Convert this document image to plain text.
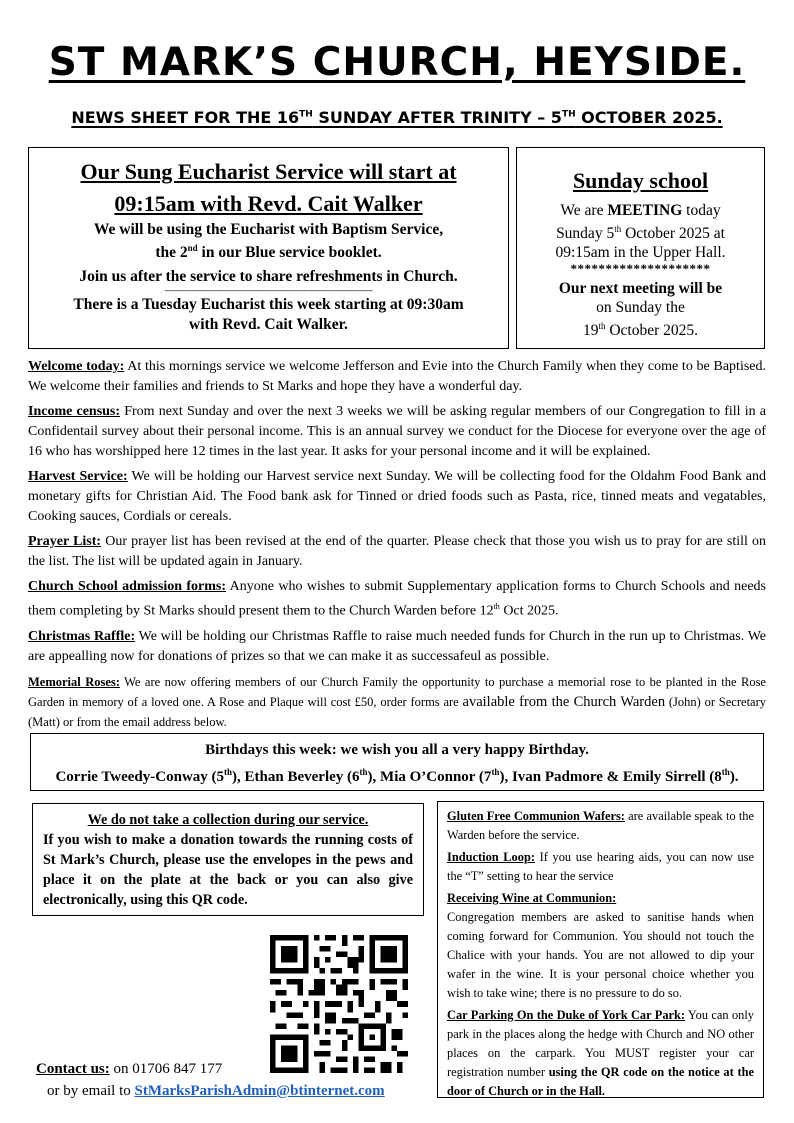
ST MARK’S CHURCH, HEYSIDE.
NEWS SHEET FOR THE 16TH SUNDAY AFTER TRINITY – 5TH OCTOBER 2025.
Our Sung Eucharist Service will start at
09:15am with Revd. Cait Walker
We will be using the Eucharist with Baptism Service,
the 2nd in our Blue service booklet.
Join us after the service to share refreshments in Church.
------------------------------------------------------------------------------------------------
There is a Tuesday Eucharist this week starting at 09:30am
with Revd. Cait Walker.
Sunday school
We are MEETING today
Sunday 5th October 2025 at
09:15am in the Upper Hall.
********************
Our next meeting will be
on Sunday the
19th October 2025.

Welcome today: At this mornings service we welcome Jefferson and Evie into the Church Family when they come to be Baptised. We welcome their families and friends to St Marks and hope they have a wonderful day.

Income census: From next Sunday and over the next 3 weeks we will be asking regular members of our Congregation to fill in a Confidentail survey about their personal income. This is an annual survey we conduct for the Diocese for everyone over the age of 16 who has worshipped here 12 times in the last year. It asks for your personal income and it will be explained.

Harvest Service: We will be holding our Harvest service next Sunday. We will be collecting food for the Oldahm Food Bank and monetary gifts for Christian Aid. The Food bank ask for Tinned or dried foods such as Pasta, rice, tinned meats and vegatables, Cooking sauces, Cordials or cereals.

Prayer List: Our prayer list has been revised at the end of the quarter. Please check that those you wish us to pray for are still on the list. The list will be updated again in January.

Church School admission forms: Anyone who wishes to submit Supplementary application forms to Church Schools and needs them completing by St Marks should present them to the Church Warden before 12th Oct 2025.

Christmas Raffle: We will be holding our Christmas Raffle to raise much needed funds for Church in the run up to Christmas. We are appealling now for donations of prizes so that we can make it as successafeul as possible.

Memorial Roses: We are now offering members of our Church Family the opportunity to purchase a memorial rose to be planted in the Rose Garden in memory of a loved one. A Rose and Plaque will cost £50, order forms are available from the Church Warden (John) or Secretary (Matt) or from the email address below.

Birthdays this week: we wish you all a very happy Birthday.
Corrie Tweedy-Conway (5th), Ethan Beverley (6th), Mia O’Connor (7th), Ivan Padmore & Emily Sirrell (8th).
We do not take a collection during our service.
If you wish to make a donation towards the running costs of St Mark’s Church, please use the envelopes in the pews and place it on the plate at the back or you can also give electronically, using this QR code.
Contact us: on 01706 847 177
or by email to StMarksParishAdmin@btinternet.com

Gluten Free Communion Wafers: are available speak to the Warden before the service.

Induction Loop: If you use hearing aids, you can now use the “T” setting to hear the service

Receiving Wine at Communion:

Congregation members are asked to sanitise hands when coming forward for Communion. You should not touch the Chalice with your hands. You are not allowed to dip your wafer in the wine. It is your personal choice whether you wish to take wine; there is no pressure to do so.

Car Parking On the Duke of York Car Park: You can only park in the places along the hedge with Church and NO other places on the carpark. You MUST register your car registration number using the QR code on the notice at the door of Church or in the Hall.
